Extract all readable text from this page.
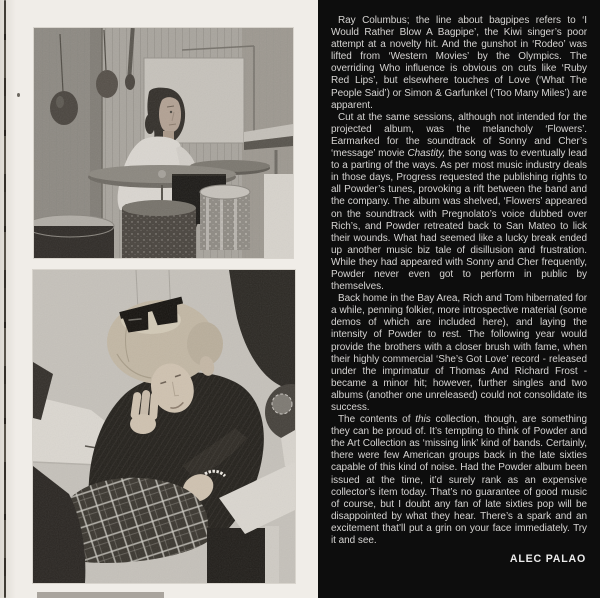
Ray Columbus; the line about bagpipes refers to ‘I Would Rather Blow A Bagpipe’, the Kiwi singer’s poor attempt at a novelty hit. And the gunshot in ‘Rodeo’ was lifted from ‘Western Movies’ by the Olympics. The overriding Who influence is obvious on cuts like ‘Ruby Red Lips’, but elsewhere touches of Love (‘What The People Said’) or Simon & Garfunkel (‘Too Many Miles’) are apparent.

Cut at the same sessions, although not intended for the projected album, was the melancholy ‘Flowers’. Earmarked for the soundtrack of Sonny and Cher’s ‘message’ movie Chastity, the song was to eventually lead to a parting of the ways. As per most music industry deals in those days, Progress requested the publishing rights to all Powder’s tunes, provoking a rift between the band and the company. The album was shelved, ‘Flowers’ appeared on the soundtrack with Pregnolato’s voice dubbed over Rich’s, and Powder retreated back to San Mateo to lick their wounds. What had seemed like a lucky break ended up another music biz tale of disillusion and frustration. While they had appeared with Sonny and Cher frequently, Powder never even got to perform in public by themselves.

Back home in the Bay Area, Rich and Tom hibernated for a while, penning folkier, more introspective material (some demos of which are included here), and laying the intensity of Powder to rest. The following year would provide the brothers with a closer brush with fame, when their highly commercial ‘She’s Got Love’ record - released under the imprimatur of Thomas And Richard Frost - became a minor hit; however, further singles and two albums (another one unreleased) could not consolidate its success.

The contents of this collection, though, are something they can be proud of. It’s tempting to think of Powder and the Art Collection as ‘missing link’ kind of bands. Certainly, there were few American groups back in the late sixties capable of this kind of noise. Had the Powder album been issued at the time, it’d surely rank as an expensive collector’s item today. That’s no guarantee of good music of course, but I doubt any fan of late sixties pop will be disappointed by what they hear. There’s a spark and an excitement that’ll put a grin on your face immediately. Try it and see.

ALEC PALAO
